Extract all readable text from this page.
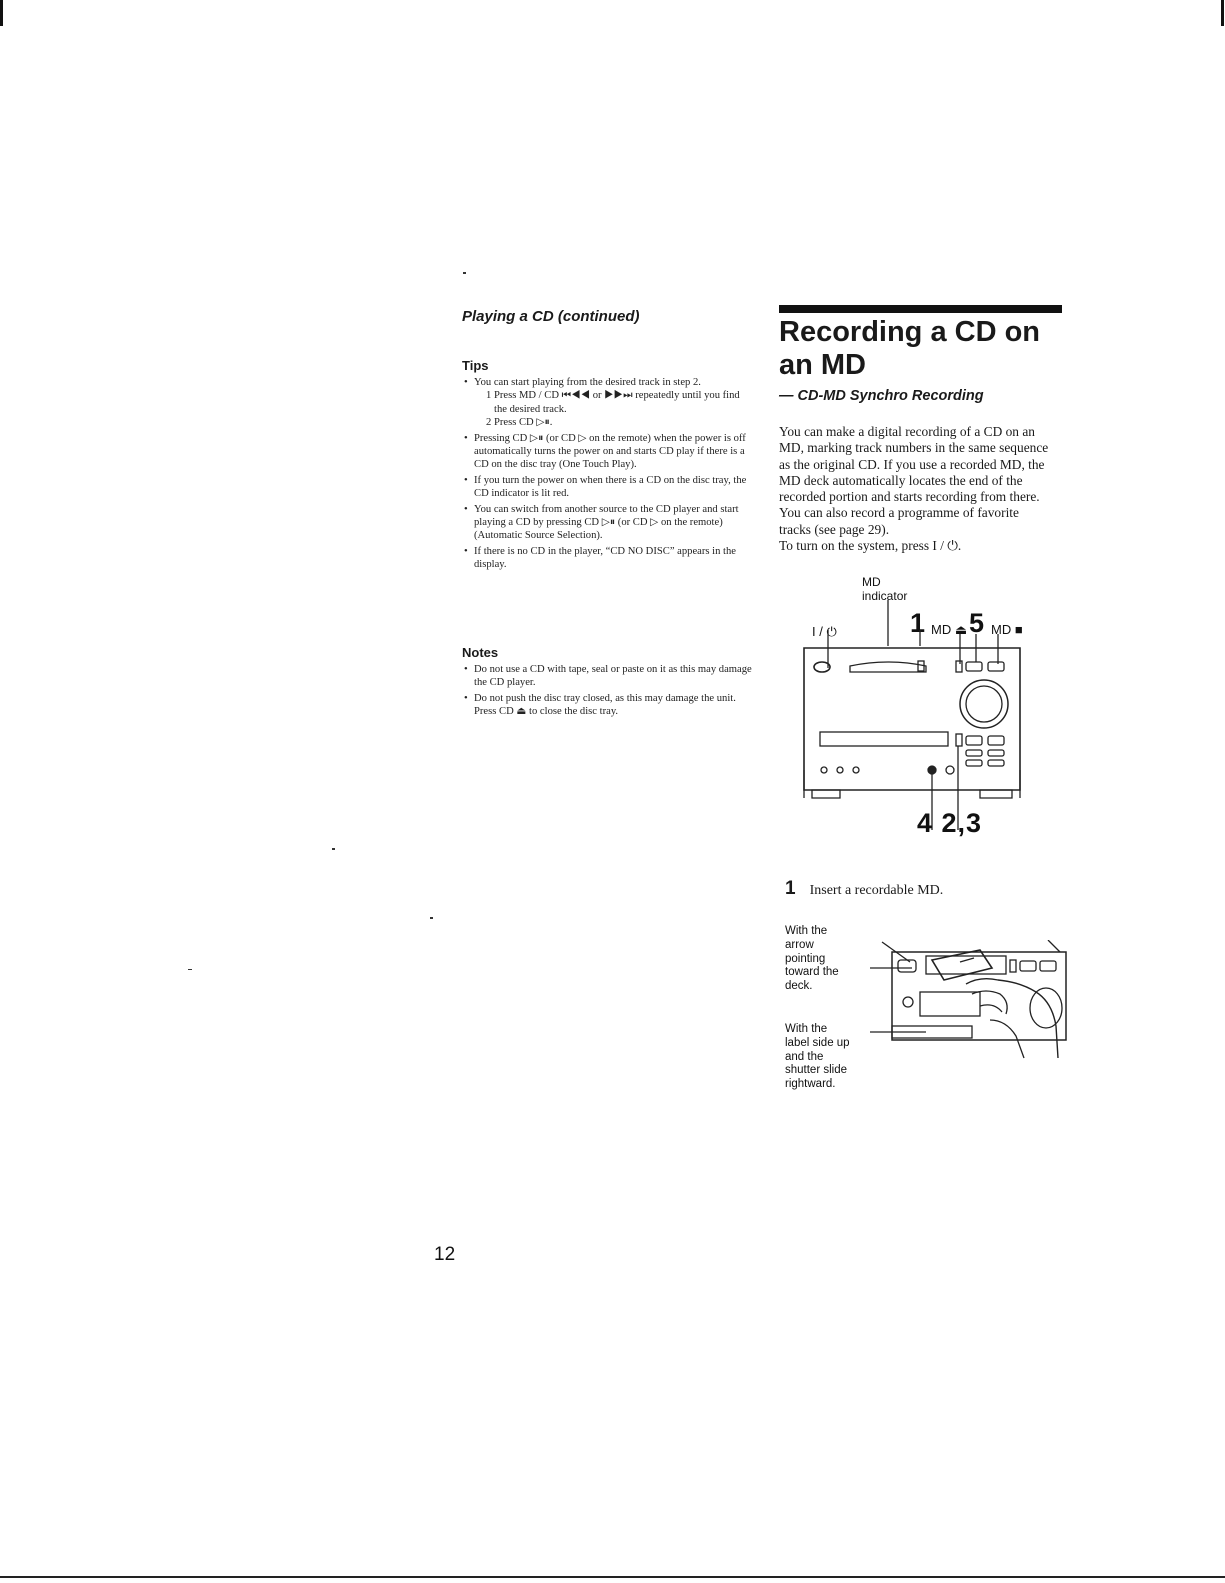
Playing a CD (continued)
Tips
• You can start playing from the desired track in step 2.
1 Press MD / CD ⏮◀◀ or ▶▶⏭ repeatedly until you find the desired track.
2 Press CD ▷⏸.
• Pressing CD ▷⏸ (or CD ▷ on the remote) when the power is off automatically turns the power on and starts CD play if there is a CD on the disc tray (One Touch Play).
• If you turn the power on when there is a CD on the disc tray, the CD indicator is lit red.
• You can switch from another source to the CD player and start playing a CD by pressing CD ▷⏸ (or CD ▷ on the remote) (Automatic Source Selection).
• If there is no CD in the player, “CD NO DISC” appears in the display.
Notes
• Do not use a CD with tape, seal or paste on it as this may damage the CD player.
• Do not push the disc tray closed, as this may damage the unit. Press CD ⏏ to close the disc tray.
Recording a CD on an MD
— CD-MD Synchro Recording

You can make a digital recording of a CD on an MD, marking track numbers in the same sequence as the original CD. If you use a recorded MD, the MD deck automatically locates the end of the recorded portion and starts recording from there. You can also record a programme of favorite tracks (see page 29).
To turn on the system, press I / ⏻.

MD
indicator
I / ⏻	1 MD ⏏ 5 MD ■
4 2,3
1 Insert a recordable MD.
With the
arrow
pointing
toward the
deck.
With the
label side up
and the
shutter slide
rightward.
12
